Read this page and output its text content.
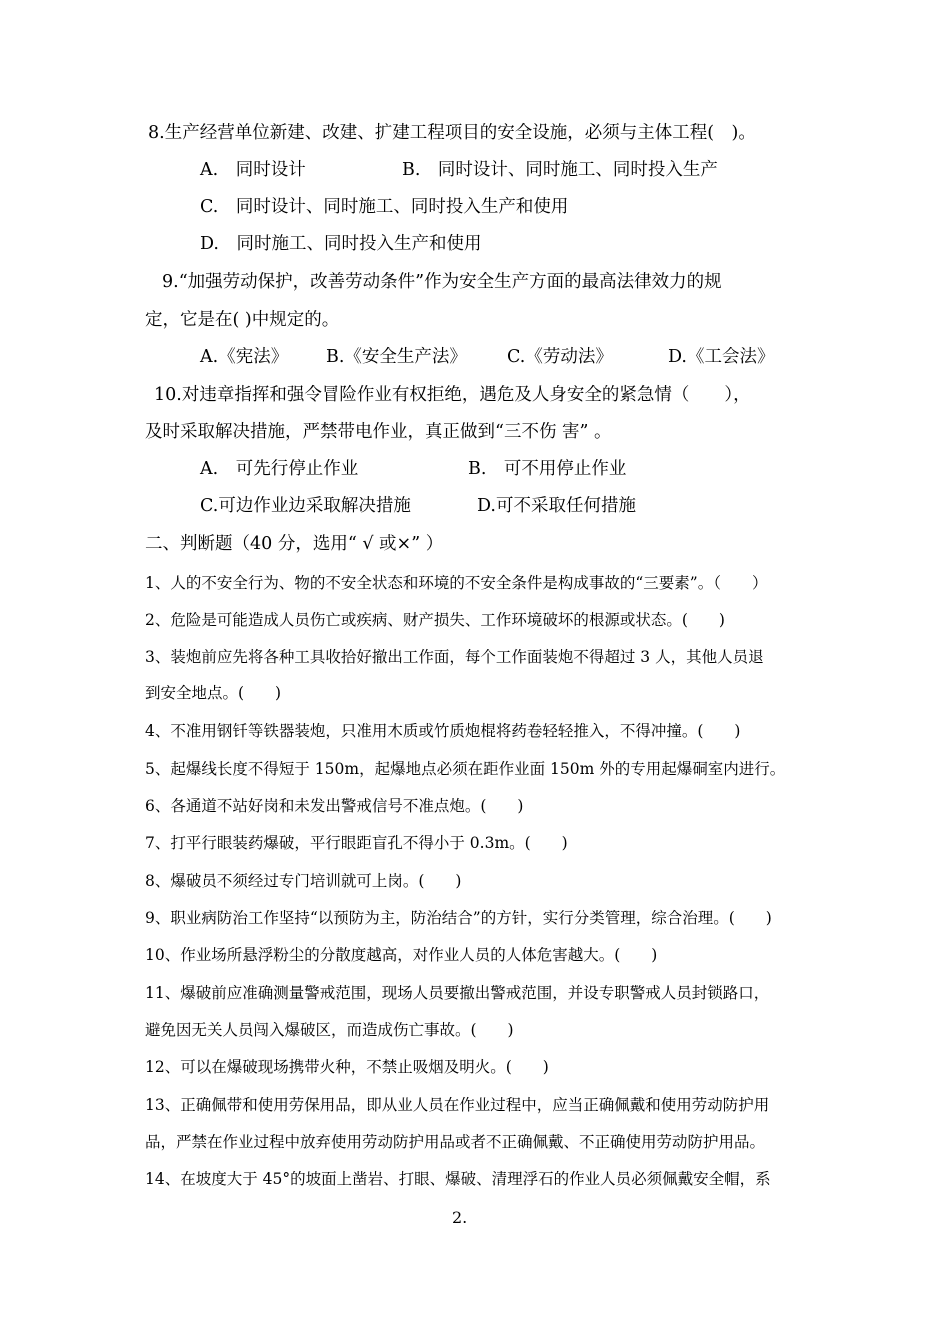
8.生产经营单位新建、改建、扩建工程项目的安全设施，必须与主体工程(　)。
A.　同时设计	B.　同时设计、同时施工、同时投入生产
C.　同时设计、同时施工、同时投入生产和使用
D.　同时施工、同时投入生产和使用
9.“加强劳动保护，改善劳动条件”作为安全生产方面的最高法律效力的规
定，它是在( )中规定的。
A.《宪法》 B.《安全生产法》 C.《劳动法》	D.《工会法》
10.对违章指挥和强令冒险作业有权拒绝，遇危及人身安全的紧急情（　　），
及时采取解决措施，严禁带电作业，真正做到“三不伤 害” 。
A.　可先行停止作业	B.　可不用停止作业
C.可边作业边采取解决措施	D.可不采取任何措施
二、判断题（40 分，选用“ √ 或×” ）
1、人的不安全行为、物的不安全状态和环境的不安全条件是构成事故的“三要素”。（　　）
2、危险是可能造成人员伤亡或疾病、财产损失、工作环境破坏的根源或状态。(　　)
3、装炮前应先将各种工具收拾好撤出工作面，每个工作面装炮不得超过 3 人，其他人员退
到安全地点。(　　)
4、不准用钢钎等铁器装炮，只准用木质或竹质炮棍将药卷轻轻推入，不得冲撞。(　　)
5、起爆线长度不得短于 150m，起爆地点必须在距作业面 150m 外的专用起爆硐室内进行。
6、各通道不站好岗和未发出警戒信号不准点炮。(　　)
7、打平行眼装药爆破，平行眼距盲孔不得小于 0.3m。(　　)
8、爆破员不须经过专门培训就可上岗。(　　)
9、职业病防治工作坚持“以预防为主，防治结合”的方针，实行分类管理，综合治理。(　　)
10、作业场所悬浮粉尘的分散度越高，对作业人员的人体危害越大。(　　)
11、爆破前应准确测量警戒范围，现场人员要撤出警戒范围，并设专职警戒人员封锁路口，
避免因无关人员闯入爆破区，而造成伤亡事故。(　　)
12、可以在爆破现场携带火种，不禁止吸烟及明火。(　　)
13、正确佩带和使用劳保用品，即从业人员在作业过程中，应当正确佩戴和使用劳动防护用
品，严禁在作业过程中放弃使用劳动防护用品或者不正确佩戴、不正确使用劳动防护用品。
14、在坡度大于 45°的坡面上凿岩、打眼、爆破、清理浮石的作业人员必须佩戴安全帽，系
2.
